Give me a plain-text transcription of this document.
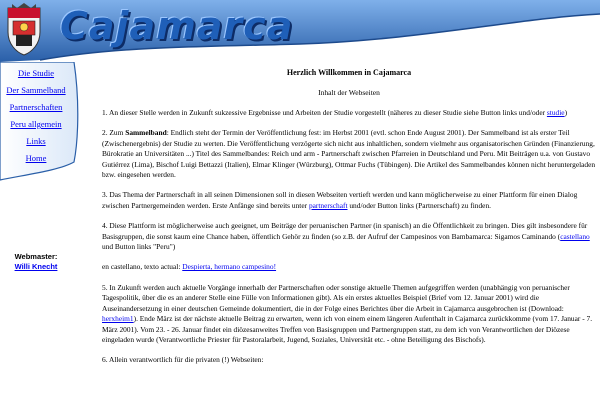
Cajamarca
Die Studie
Der Sammelband
Partnerschaften
Peru allgemein
Links
Home
Webmaster:
Willi Knecht
Herzlich Willkommen in Cajamarca
Inhalt der Webseiten
1. An dieser Stelle werden in Zukunft sukzessive Ergebnisse und Arbeiten der Studie vorgestellt (näheres zu dieser Studie siehe Button links und/oder studie)
2. Zum Sammelband: Endlich steht der Termin der Veröffentlichung fest: im Herbst 2001 (evtl. schon Ende August 2001). Der Sammelband ist als erster Teil (Zwischenergebnis) der Studie zu werten. Die Veröffentlichung verzögerte sich nicht aus inhaltlichen, sondern vielmehr aus organisatorischen Gründen (Finanzierung, Bürokratie an Universitäten ...) Titel des Sammelbandes: Reich und arm - Partnerschaft zwischen Pfarreien in Deutschland und Peru. Mit Beiträgen u.a. von Gustavo Gutiérrez (Lima), Bischof Luigi Bettazzi (Italien), Elmar Klinger (Würzburg), Ottmar Fuchs (Tübingen). Die Artikel des Sammelbandes können nicht heruntergeladen bzw. eingesehen werden.
3. Das Thema der Partnerschaft in all seinen Dimensionen soll in diesen Webseiten vertieft werden und kann möglicherweise zu einer Plattform für einen Dialog zwischen Partnergemeinden werden. Erste Anfänge sind bereits unter partnerschaft und/oder Button links (Partnerschaft) zu finden.
4. Diese Plattform ist möglicherweise auch geeignet, um Beiträge der peruanischen Partner (in spanisch) an die Öffentlichkeit zu bringen. Dies gilt insbesondere für Basisgruppen, die sonst kaum eine Chance haben, öffentlich Gehör zu finden (so z.B. der Aufruf der Campesinos von Bambamarca: Sigamos Caminando (castellano und Button links "Peru")
en castellano, texto actual: Despierta, hermano campesino!
5. In Zukunft werden auch aktuelle Vorgänge innerhalb der Partnerschaften oder sonstige aktuelle Themen aufgegriffen werden (unabhängig von peruanischer Tagespolitik, über die es an anderer Stelle eine Fülle von Informationen gibt). Als ein erstes aktuelles Beispiel (Brief vom 12. Januar 2001) wird die Auseinandersetzung in einer deutschen Gemeinde dokumentiert, die in der Folge eines Berichtes über die Arbeit in Cajamarca ausgebrochen ist (Download: herxheim1). Ende März ist der nächste aktuelle Beitrag zu erwarten, wenn ich von einem einem längeren Aufenthalt in Cajamarca zurückkomme (vom 17. Januar - 7. März 2001). Vom 23. - 26. Januar findet ein diözesanweites Treffen von Basisgruppen und Partnergruppen statt, zu dem ich von Verantwortlichen der Diözese eingeladen wurde (Verantwortliche Priester für Pastoralarbeit, Jugend, Soziales, Universität etc. - ohne Beteiligung des Bischofs).
6. Allein verantwortlich für die privaten (!) Webseiten:
